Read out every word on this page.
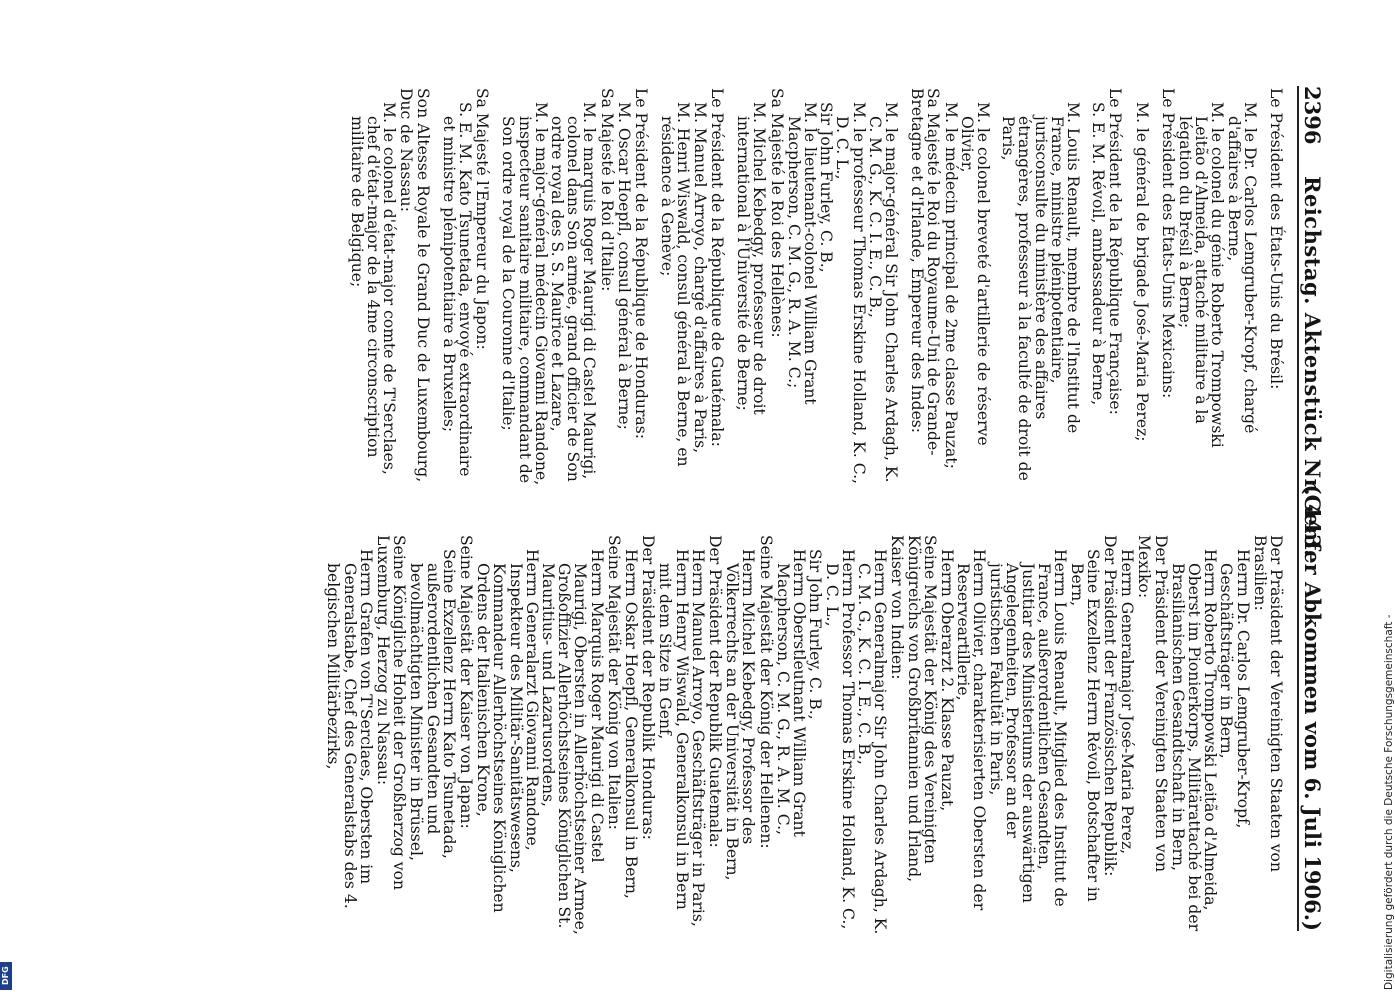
2396
Reichstag. Aktenstück Nr. 443.
(Genfer Abkommen vom 6. Juli 1906.)

Le Président des États-Unis du Brésil:

M. le Dr. Carlos Lemgruber-Kropf, chargé d'affaires à Berne,

M. le colonel du génie Roberto Trompowski Leitão d'Almeida, attaché militaire à la légation du Brésil à Berne;

Le Président des États-Unis Mexicains:

M. le général de brigade José-Maria Perez;

Le Président de la République Française:

S. E. M. Révoil, ambassadeur à Berne,

M. Louis Renault, membre de l'Institut de France, ministre plénipotentiaire, jurisconsulte du ministère des affaires étrangères, professeur à la faculté de droit de Paris,

M. le colonel breveté d'artillerie de réserve Olivier,

M. le médecin principal de 2me classe Pauzat;

Sa Majesté le Roi du Royaume-Uni de Grande-Bretagne et d'Irlande, Empereur des Indes:

M. le major-général Sir John Charles Ardagh, K. C. M. G., K. C. I. E., C. B.,

M. le professeur Thomas Erskine Holland, K. C., D. C. L.,

Sir John Furley, C. B.,

M. le lieutenant-colonel William Grant Macpherson, C. M. G., R. A. M. C.;

Sa Majesté le Roi des Hellènes:

M. Michel Kebedgy, professeur de droit international à l'Université de Berne;

Le Président de la République de Guatémala:

M. Manuel Arroyo, chargé d'affaires à Paris,

M. Henri Wiswald, consul général à Berne, en résidence à Genève;

Le Président de la République de Honduras:

M. Oscar Hoepfl, consul général à Berne;

Sa Majesté le Roi d'Italie:

M. le marquis Roger Maurigi di Castel Maurigi, colonel dans Son armée, grand officier de Son ordre royal des S. S. Maurice et Lazare,

M. le major-général médecin Giovanni Randone, inspecteur sanitaire militaire, commandant de Son ordre royal de la Couronne d'Italie;

Sa Majesté l'Empereur du Japon:

S. E. M. Kato Tsunetada, envoyé extraordinaire et ministre plénipotentiaire à Bruxelles;

Son Altesse Royale le Grand Duc de Luxembourg, Duc de Nassau:

M. le colonel d'état-major comte de T'Serclaes, chef d'état-major de la 4me circonscription militaire de Belgique;

Der Präsident der Vereinigten Staaten von Brasilien:

Herrn Dr. Carlos Lemgruber-Kropf, Geschäftsträger in Bern,

Herrn Roberto Trompowski Leitão d'Almeida, Oberst im Pionierkorps, Militärattaché bei der Brasilianischen Gesandtschaft in Bern,

Der Präsident der Vereinigten Staaten von Mexiko:

Herrn Generalmajor José-Maria Perez,

Der Präsident der Französischen Republik:

Seine Exzellenz Herrn Révoil, Botschafter in Bern,

Herrn Louis Renault, Mitglied des Institut de France, außerordentlichen Gesandten, Justitiar des Ministeriums der auswärtigen Angelegenheiten, Professor an der juristischen Fakultät in Paris,

Herrn Olivier, charakterisierten Obersten der Reserveartillerie,

Herrn Oberarzt 2. Klasse Pauzat,

Seine Majestät der König des Vereinigten Königreichs von Großbritannien und Irland, Kaiser von Indien:

Herrn Generalmajor Sir John Charles Ardagh, K. C. M. G., K. C. I. E., C. B.,

Herrn Professor Thomas Erskine Holland, K. C., D. C. L.,

Sir John Furley, C. B.,

Herrn Oberstleutnant William Grant Macpherson, C. M. G., R. A. M. C.,

Seine Majestät der König der Hellenen:

Herrn Michel Kebedgy, Professor des Völkerrechts an der Universität in Bern,

Der Präsident der Republik Guatemala:

Herrn Manuel Arroyo, Geschäftsträger in Paris,

Herrn Henry Wiswald, Generalkonsul in Bern mit dem Sitze in Genf,

Der Präsident der Republik Honduras:

Herrn Oskar Hoepfl, Generalkonsul in Bern,

Seine Majestät der König von Italien:

Herrn Marquis Roger Maurigi di Castel Maurigi, Obersten in Allerhöchstseiner Armee, Großoffizier Allerhöchstseines Königlichen St. Mauritius- und Lazarusordens,

Herrn Generalarzt Giovanni Randone, Inspekteur des Militär-Sanitätswesens, Kommandeur Allerhöchstseines Königlichen Ordens der Italienischen Krone,

Seine Majestät der Kaiser von Japan:

Seine Exzellenz Herrn Kato Tsunetada, außerordentlichen Gesandten und bevollmächtigten Minister in Brüssel,

Seine Königliche Hoheit der Großherzog von Luxemburg, Herzog zu Nassau:

Herrn Grafen von T'Serclaes, Obersten im Generalstabe, Chef des Generalstabs des 4. belgischen Militärbezirks,	Digitalisierung gefördert durch die Deutsche Forschungsgemeinschaft -
DFG
